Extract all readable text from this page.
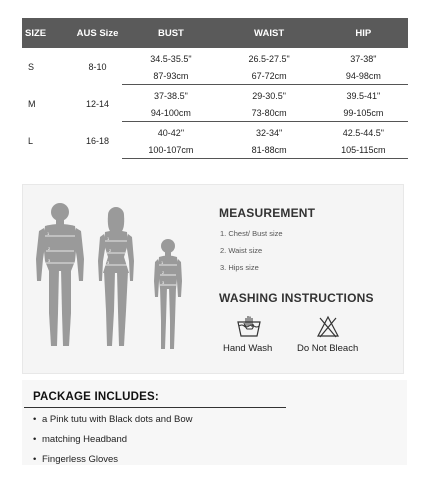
SIZE	AUS Size	BUST	WAIST	HIP
S	8-10	34.5-35.5"	26.5-27.5"	37-38"
		87-93cm	67-72cm	94-98cm
M	12-14	37-38.5"	29-30.5"	39.5-41"
		94-100cm	73-80cm	99-105cm
L	16-18	40-42"	32-34"	42.5-44.5"
		100-107cm	81-88cm	105-115cm
1
2
3
1
2
3	1
2
3
MEASUREMENT
1. Chest/ Bust size
2. Waist size
3. Hips size
WASHING INSTRUCTIONS
Hand Wash	Do Not Bleach
PACKAGE INCLUDES:
• a Pink tutu with Black dots and Bow
• matching Headband
• Fingerless Gloves
